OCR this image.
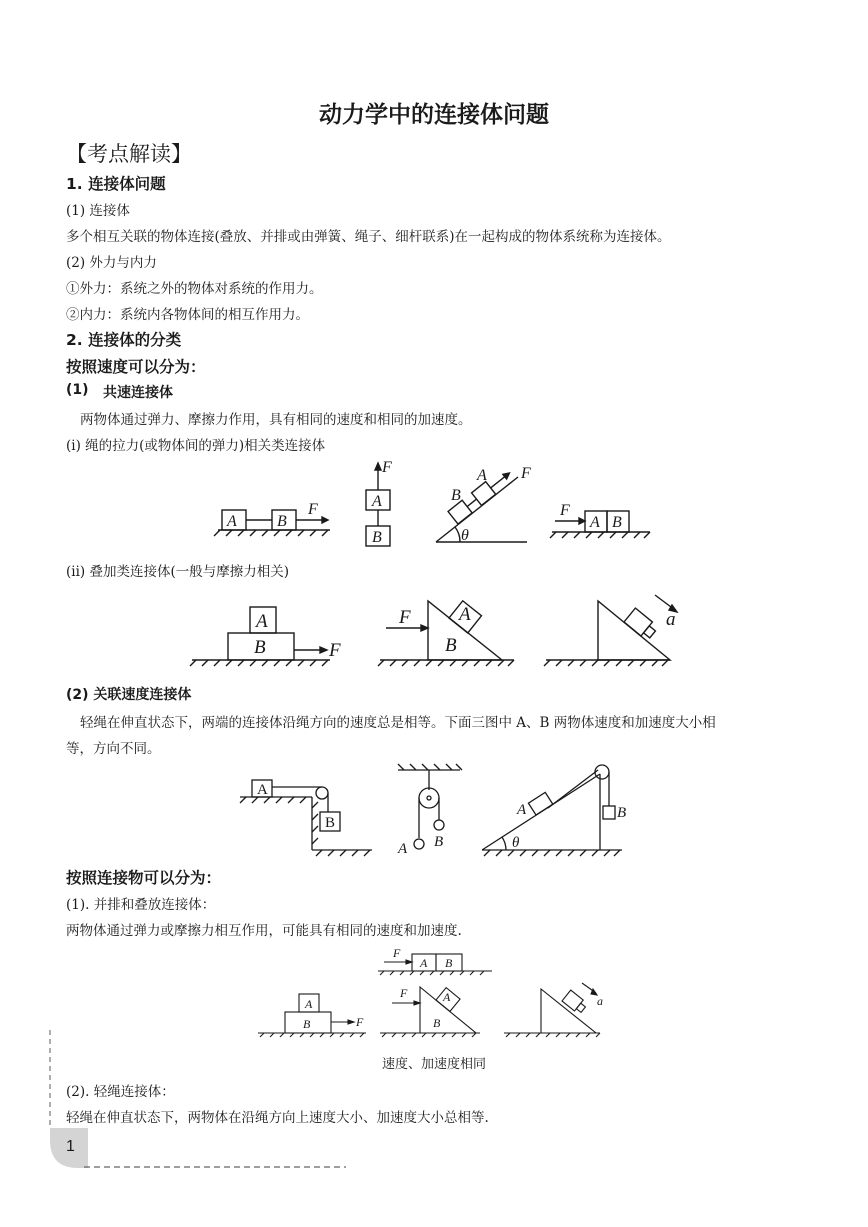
动力学中的连接体问题
【考点解读】
1. 连接体问题
(1) 连接体
多个相互关联的物体连接(叠放、并排或由弹簧、绳子、细杆联系)在一起构成的物体系统称为连接体。
(2) 外力与内力
①外力：系统之外的物体对系统的作用力。
②内力：系统内各物体间的相互作用力。
2. 连接体的分类
按照速度可以分为：
(1) 共速连接体
两物体通过弹力、摩擦力作用，具有相同的速度和相同的加速度。
(i) 绳的拉力(或物体间的弹力)相关类连接体
A	B
F	A
B
F
B
A F
θ
F
A B
(ii) 叠加类连接体(一般与摩擦力相关)
A
B	F
F	A
B
a
(2) 关联速度连接体
轻绳在伸直状态下，两端的连接体沿绳方向的速度总是相等。下面三图中 A、B 两物体速度和加速度大小相
等，方向不同。
A
B
A B
A	B
θ
按照连接物可以分为：
(1). 并排和叠放连接体：
两物体通过弹力或摩擦力相互作用，可能具有相同的速度和加速度.
F
A B
A
B	F
F	A
B
a
速度、加速度相同
(2). 轻绳连接体：
轻绳在伸直状态下，两物体在沿绳方向上速度大小、加速度大小总相等.
1
